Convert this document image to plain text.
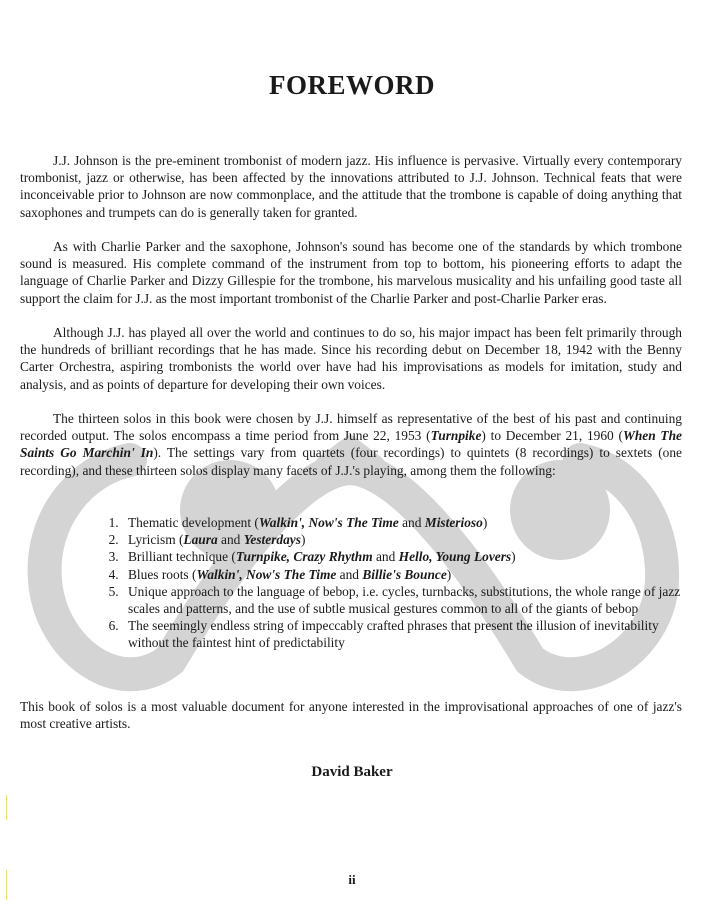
FOREWORD

J.J. Johnson is the pre-eminent trombonist of modern jazz. His influence is pervasive. Virtually every contemporary trombonist, jazz or otherwise, has been affected by the innovations attributed to J.J. Johnson. Technical feats that were inconceivable prior to Johnson are now commonplace, and the attitude that the trombone is capable of doing anything that saxophones and trumpets can do is generally taken for granted.

As with Charlie Parker and the saxophone, Johnson's sound has become one of the standards by which trombone sound is measured. His complete command of the instrument from top to bottom, his pioneering efforts to adapt the language of Charlie Parker and Dizzy Gillespie for the trombone, his marvelous musicality and his unfailing good taste all support the claim for J.J. as the most important trombonist of the Charlie Parker and post-Charlie Parker eras.

Although J.J. has played all over the world and continues to do so, his major impact has been felt primarily through the hundreds of brilliant recordings that he has made. Since his recording debut on December 18, 1942 with the Benny Carter Orchestra, aspiring trombonists the world over have had his improvisations as models for imitation, study and analysis, and as points of departure for developing their own voices.

The thirteen solos in this book were chosen by J.J. himself as representative of the best of his past and continuing recorded output. The solos encompass a time period from June 22, 1953 (Turnpike) to December 21, 1960 (When The Saints Go Marchin' In). The settings vary from quartets (four recordings) to quintets (8 recordings) to sextets (one recording), and these thirteen solos display many facets of J.J.'s playing, among them the following:

1. Thematic development (Walkin', Now's The Time and Misterioso)
2. Lyricism (Laura and Yesterdays)
3. Brilliant technique (Turnpike, Crazy Rhythm and Hello, Young Lovers)
4. Blues roots (Walkin', Now's The Time and Billie's Bounce)
5. Unique approach to the language of bebop, i.e. cycles, turnbacks, substitutions, the whole range of jazz scales and patterns, and the use of subtle musical gestures common to all of the giants of bebop
6. The seemingly endless string of impeccably crafted phrases that present the illusion of inevitability without the faintest hint of predictability

This book of solos is a most valuable document for anyone interested in the improvisational approaches of one of jazz's most creative artists.

David Baker
ii
